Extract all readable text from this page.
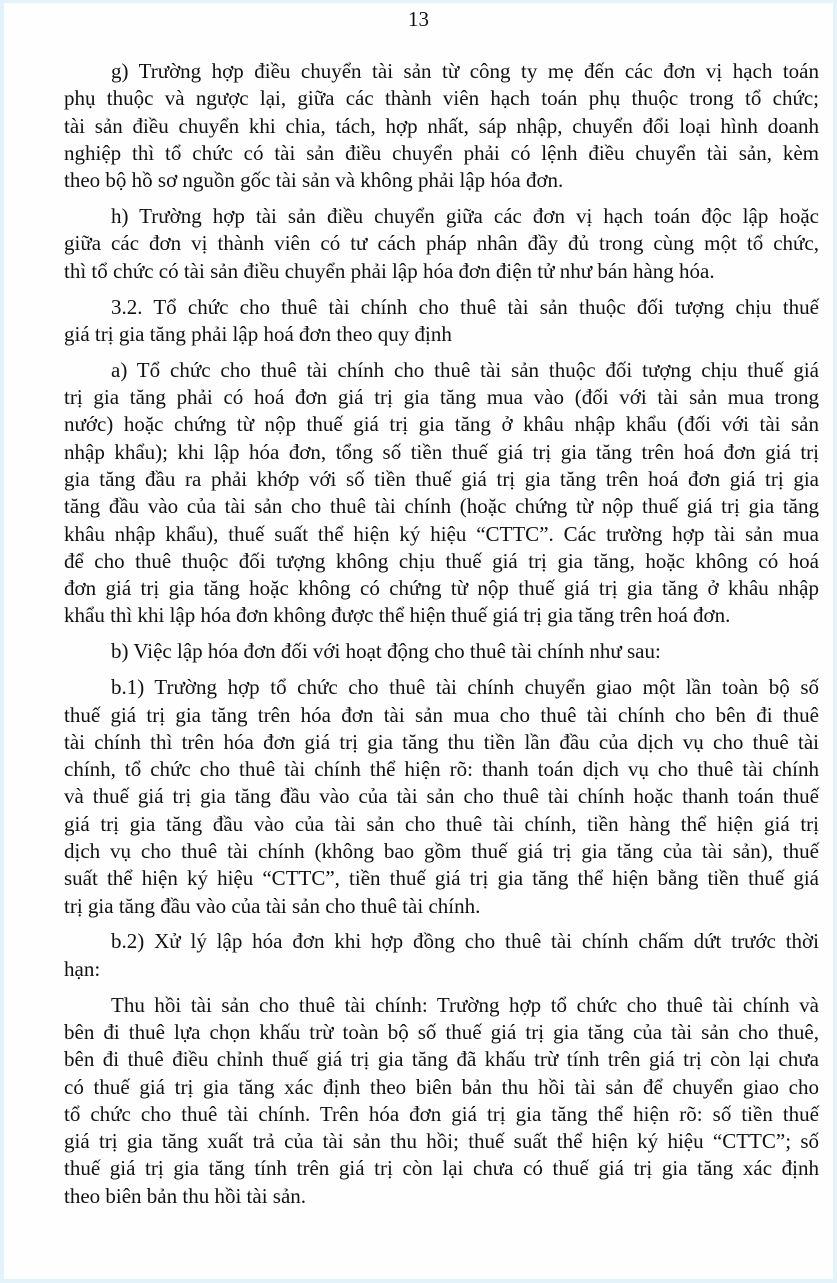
13
g) Trường hợp điều chuyển tài sản từ công ty mẹ đến các đơn vị hạch toán
phụ thuộc và ngược lại, giữa các thành viên hạch toán phụ thuộc trong tổ chức;
tài sản điều chuyển khi chia, tách, hợp nhất, sáp nhập, chuyển đổi loại hình doanh
nghiệp thì tổ chức có tài sản điều chuyển phải có lệnh điều chuyển tài sản, kèm
theo bộ hồ sơ nguồn gốc tài sản và không phải lập hóa đơn.
h) Trường hợp tài sản điều chuyển giữa các đơn vị hạch toán độc lập hoặc
giữa các đơn vị thành viên có tư cách pháp nhân đầy đủ trong cùng một tổ chức,
thì tổ chức có tài sản điều chuyển phải lập hóa đơn điện tử như bán hàng hóa.
3.2. Tổ chức cho thuê tài chính cho thuê tài sản thuộc đối tượng chịu thuế
giá trị gia tăng phải lập hoá đơn theo quy định
a) Tổ chức cho thuê tài chính cho thuê tài sản thuộc đối tượng chịu thuế giá
trị gia tăng phải có hoá đơn giá trị gia tăng mua vào (đối với tài sản mua trong
nước) hoặc chứng từ nộp thuế giá trị gia tăng ở khâu nhập khẩu (đối với tài sản
nhập khẩu); khi lập hóa đơn, tổng số tiền thuế giá trị gia tăng trên hoá đơn giá trị
gia tăng đầu ra phải khớp với số tiền thuế giá trị gia tăng trên hoá đơn giá trị gia
tăng đầu vào của tài sản cho thuê tài chính (hoặc chứng từ nộp thuế giá trị gia tăng
khâu nhập khẩu), thuế suất thể hiện ký hiệu “CTTC”. Các trường hợp tài sản mua
để cho thuê thuộc đối tượng không chịu thuế giá trị gia tăng, hoặc không có hoá
đơn giá trị gia tăng hoặc không có chứng từ nộp thuế giá trị gia tăng ở khâu nhập
khẩu thì khi lập hóa đơn không được thể hiện thuế giá trị gia tăng trên hoá đơn.
b) Việc lập hóa đơn đối với hoạt động cho thuê tài chính như sau:
b.1) Trường hợp tổ chức cho thuê tài chính chuyển giao một lần toàn bộ số
thuế giá trị gia tăng trên hóa đơn tài sản mua cho thuê tài chính cho bên đi thuê
tài chính thì trên hóa đơn giá trị gia tăng thu tiền lần đầu của dịch vụ cho thuê tài
chính, tổ chức cho thuê tài chính thể hiện rõ: thanh toán dịch vụ cho thuê tài chính
và thuế giá trị gia tăng đầu vào của tài sản cho thuê tài chính hoặc thanh toán thuế
giá trị gia tăng đầu vào của tài sản cho thuê tài chính, tiền hàng thể hiện giá trị
dịch vụ cho thuê tài chính (không bao gồm thuế giá trị gia tăng của tài sản), thuế
suất thể hiện ký hiệu “CTTC”, tiền thuế giá trị gia tăng thể hiện bằng tiền thuế giá
trị gia tăng đầu vào của tài sản cho thuê tài chính.
b.2) Xử lý lập hóa đơn khi hợp đồng cho thuê tài chính chấm dứt trước thời
hạn:
Thu hồi tài sản cho thuê tài chính: Trường hợp tổ chức cho thuê tài chính và
bên đi thuê lựa chọn khấu trừ toàn bộ số thuế giá trị gia tăng của tài sản cho thuê,
bên đi thuê điều chỉnh thuế giá trị gia tăng đã khấu trừ tính trên giá trị còn lại chưa
có thuế giá trị gia tăng xác định theo biên bản thu hồi tài sản để chuyển giao cho
tổ chức cho thuê tài chính. Trên hóa đơn giá trị gia tăng thể hiện rõ: số tiền thuế
giá trị gia tăng xuất trả của tài sản thu hồi; thuế suất thể hiện ký hiệu “CTTC”; số
thuế giá trị gia tăng tính trên giá trị còn lại chưa có thuế giá trị gia tăng xác định
theo biên bản thu hồi tài sản.
